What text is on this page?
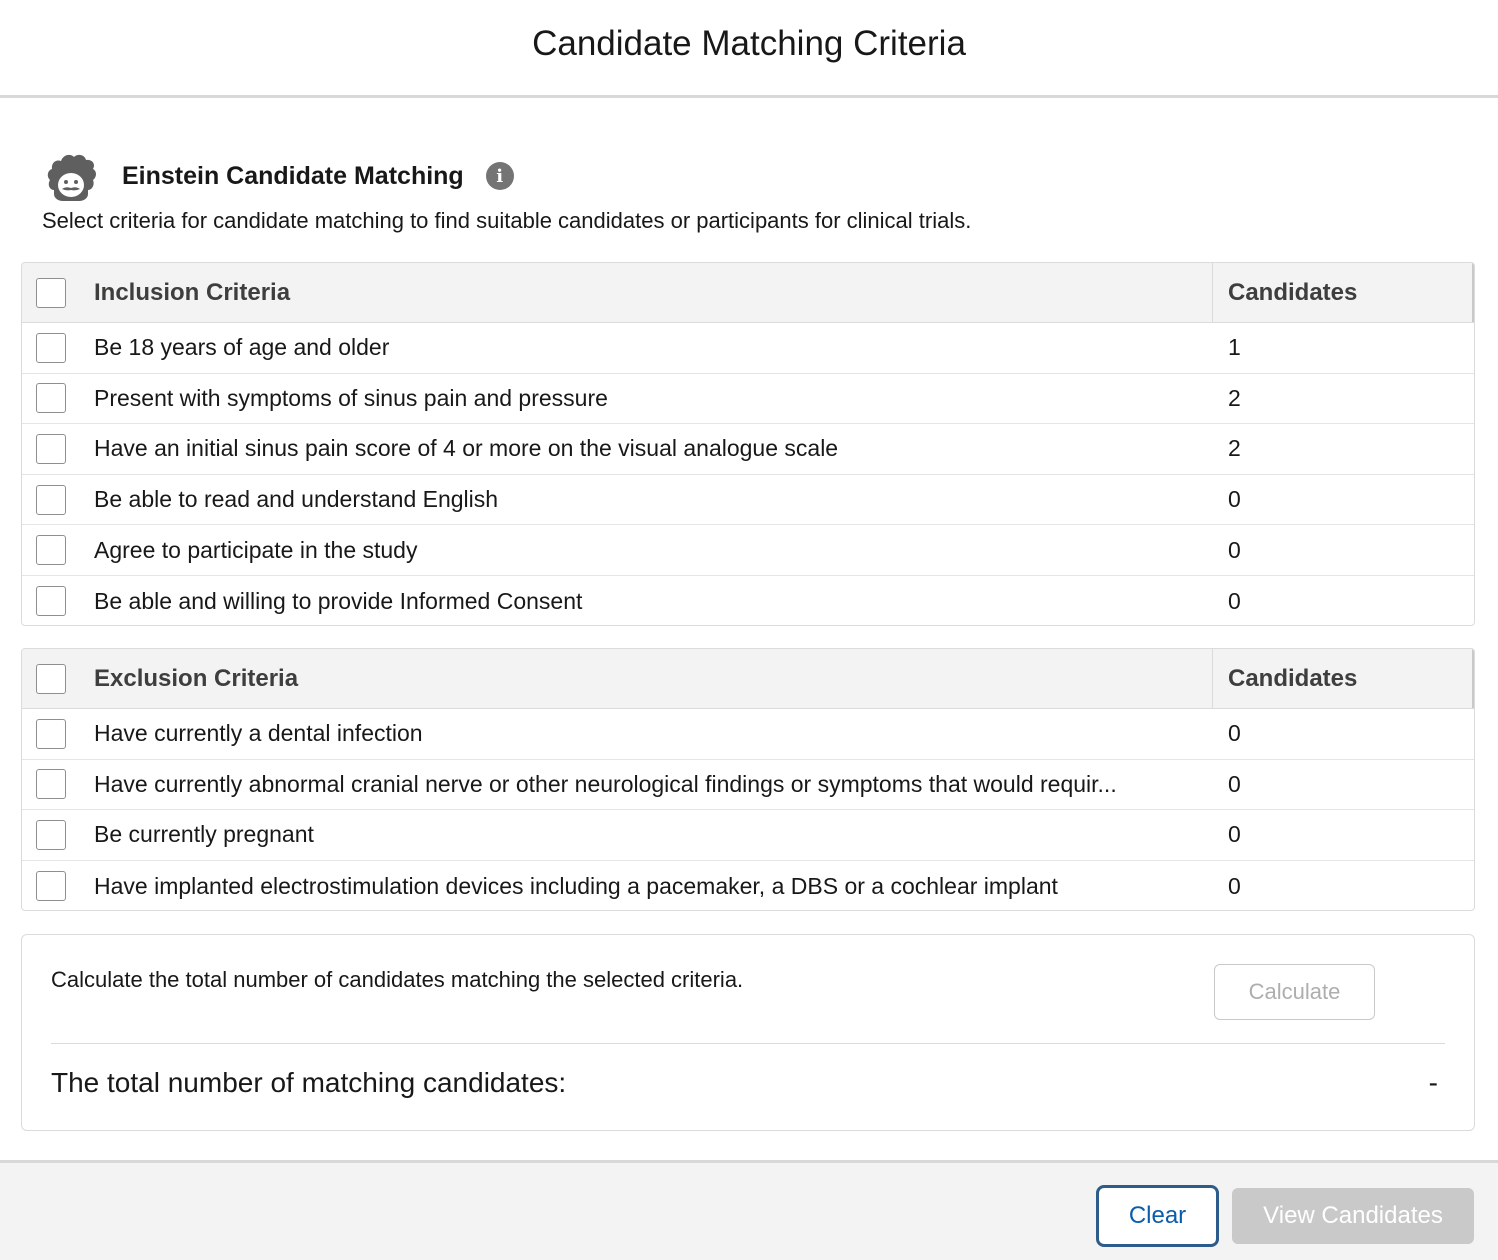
Candidate Matching Criteria
Einstein Candidate Matching	i
Select criteria for candidate matching to find suitable candidates or participants for clinical trials.
Inclusion Criteria	Candidates
Be 18 years of age and older	1
Present with symptoms of sinus pain and pressure	2
Have an initial sinus pain score of 4 or more on the visual analogue scale	2
Be able to read and understand English	0
Agree to participate in the study	0
Be able and willing to provide Informed Consent	0
Exclusion Criteria	Candidates
Have currently a dental infection	0
Have currently abnormal cranial nerve or other neurological findings or symptoms that would requir...	0
Be currently pregnant	0
Have implanted electrostimulation devices including a pacemaker, a DBS or a cochlear implant	0
Calculate the total number of candidates matching the selected criteria.	Calculate
The total number of matching candidates:	-
Clear	View Candidates
